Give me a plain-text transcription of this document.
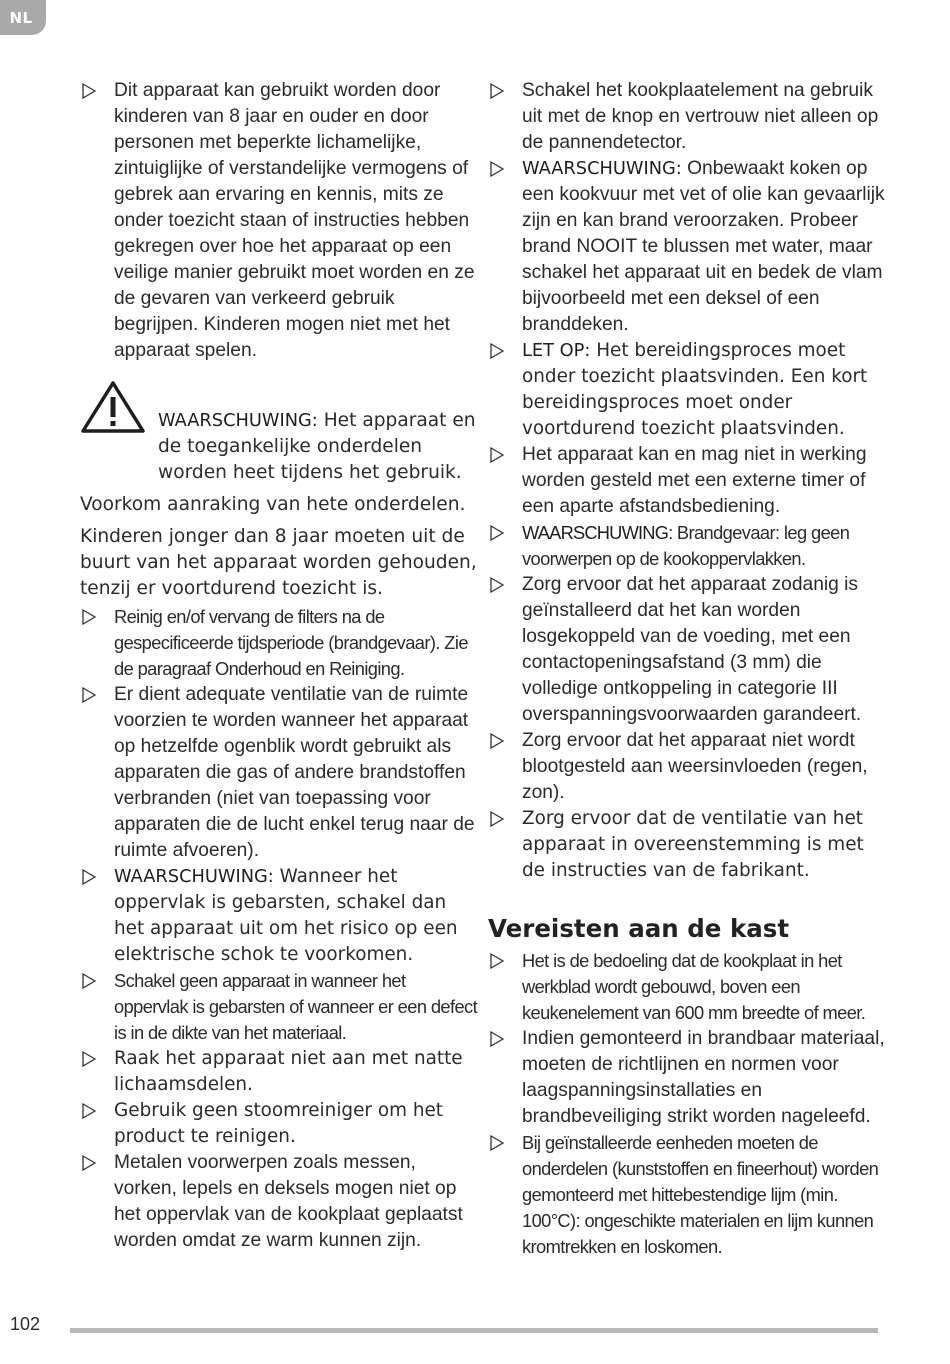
NL
Dit apparaat kan gebruikt worden door kinderen van 8 jaar en ouder en door personen met beperkte lichamelijke, zintuiglijke of verstandelijke vermogens of gebrek aan ervaring en kennis, mits ze onder toezicht staan of instructies hebben gekregen over hoe het apparaat op een veilige manier gebruikt moet worden en ze de gevaren van verkeerd gebruik begrijpen. Kinderen mogen niet met het apparaat spelen.
WAARSCHUWING: Het apparaat en de toegankelijke onderdelen worden heet tijdens het gebruik.

Voorkom aanraking van hete onderdelen.

Kinderen jonger dan 8 jaar moeten uit de buurt van het apparaat worden gehouden, tenzij er voortdurend toezicht is.

Reinig en/of vervang de filters na de gespecificeerde tijdsperiode (brandgevaar). Zie de paragraaf Onderhoud en Reiniging.
Er dient adequate ventilatie van de ruimte voorzien te worden wanneer het apparaat op hetzelfde ogenblik wordt gebruikt als apparaten die gas of andere brandstoffen verbranden (niet van toepassing voor apparaten die de lucht enkel terug naar de ruimte afvoeren).
WAARSCHUWING: Wanneer het oppervlak is gebarsten, schakel dan het apparaat uit om het risico op een elektrische schok te voorkomen.
Schakel geen apparaat in wanneer het oppervlak is gebarsten of wanneer er een defect is in de dikte van het materiaal.
Raak het apparaat niet aan met natte lichaamsdelen.
Gebruik geen stoomreiniger om het product te reinigen.
Metalen voorwerpen zoals messen, vorken, lepels en deksels mogen niet op het oppervlak van de kookplaat geplaatst worden omdat ze warm kunnen zijn.
Schakel het kookplaatelement na gebruik uit met de knop en vertrouw niet alleen op de pannendetector.
WAARSCHUWING: Onbewaakt koken op een kookvuur met vet of olie kan gevaarlijk zijn en kan brand veroorzaken. Probeer brand NOOIT te blussen met water, maar schakel het apparaat uit en bedek de vlam bijvoorbeeld met een deksel of een branddeken.
LET OP: Het bereidingsproces moet onder toezicht plaatsvinden. Een kort bereidingsproces moet onder voortdurend toezicht plaatsvinden.
Het apparaat kan en mag niet in werking worden gesteld met een externe timer of een aparte afstandsbediening.
WAARSCHUWING: Brandgevaar: leg geen voorwerpen op de kookoppervlakken.
Zorg ervoor dat het apparaat zodanig is geïnstalleerd dat het kan worden losgekoppeld van de voeding, met een contactopeningsafstand (3 mm) die volledige ontkoppeling in categorie III overspanningsvoorwaarden garandeert.
Zorg ervoor dat het apparaat niet wordt blootgesteld aan weersinvloeden (regen, zon).
Zorg ervoor dat de ventilatie van het apparaat in overeenstemming is met de instructies van de fabrikant.
Vereisten aan de kast
Het is de bedoeling dat de kookplaat in het werkblad wordt gebouwd, boven een keukenelement van 600 mm breedte of meer.
Indien gemonteerd in brandbaar materiaal, moeten de richtlijnen en normen voor laagspanningsinstallaties en brandbeveiliging strikt worden nageleefd.
Bij geïnstalleerde eenheden moeten de onderdelen (kunststoffen en fineerhout) worden gemonteerd met hittebestendige lijm (min. 100°C): ongeschikte materialen en lijm kunnen kromtrekken en loskomen.
102
